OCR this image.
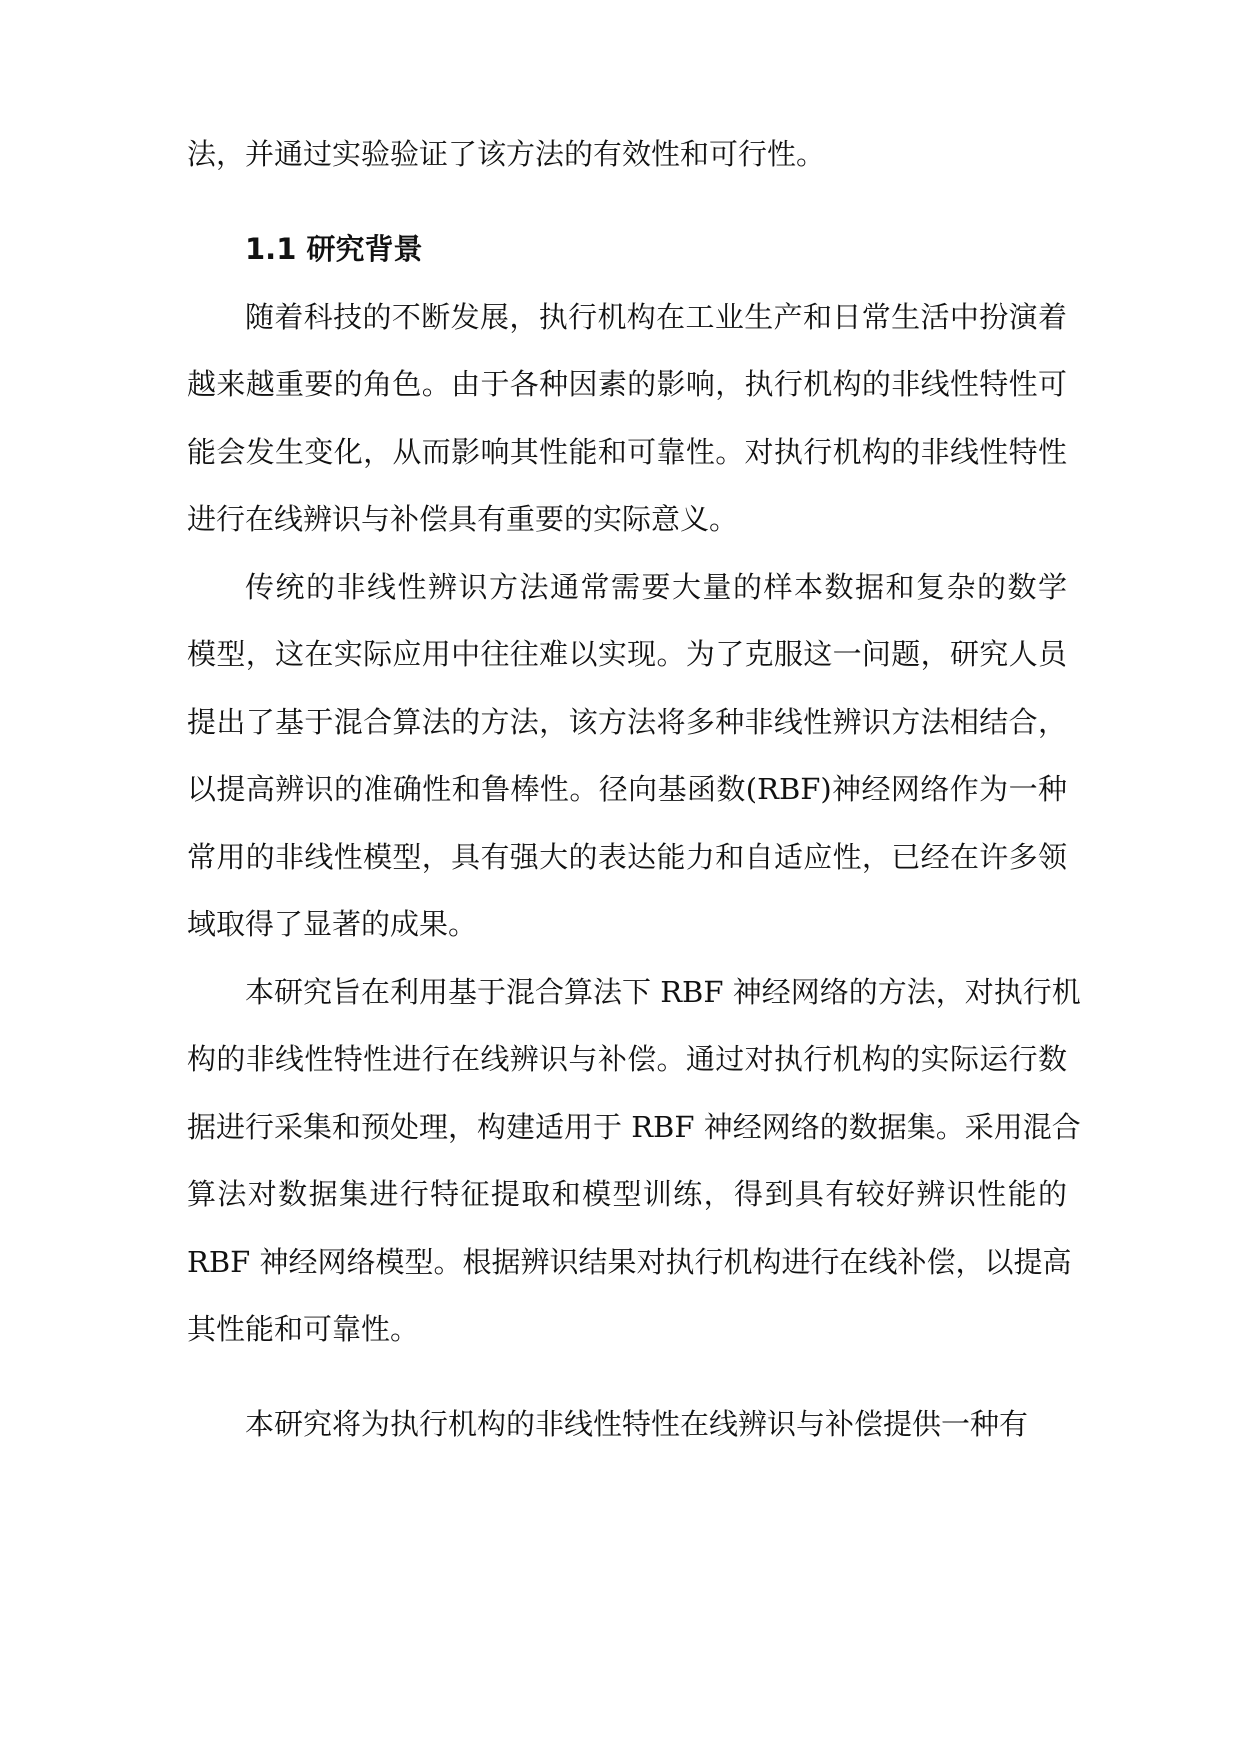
法，并通过实验验证了该方法的有效性和可行性。
1.1 研究背景
随着科技的不断发展，执行机构在工业生产和日常生活中扮演着
越来越重要的角色。由于各种因素的影响，执行机构的非线性特性可
能会发生变化，从而影响其性能和可靠性。对执行机构的非线性特性
进行在线辨识与补偿具有重要的实际意义。
传统的非线性辨识方法通常需要大量的样本数据和复杂的数学
模型，这在实际应用中往往难以实现。为了克服这一问题，研究人员
提出了基于混合算法的方法，该方法将多种非线性辨识方法相结合，
以提高辨识的准确性和鲁棒性。径向基函数(RBF)神经网络作为一种
常用的非线性模型，具有强大的表达能力和自适应性，已经在许多领
域取得了显著的成果。
本研究旨在利用基于混合算法下 RBF 神经网络的方法，对执行机
构的非线性特性进行在线辨识与补偿。通过对执行机构的实际运行数
据进行采集和预处理，构建适用于 RBF 神经网络的数据集。采用混合
算法对数据集进行特征提取和模型训练，得到具有较好辨识性能的
RBF 神经网络模型。根据辨识结果对执行机构进行在线补偿，以提高
其性能和可靠性。
本研究将为执行机构的非线性特性在线辨识与补偿提供一种有
